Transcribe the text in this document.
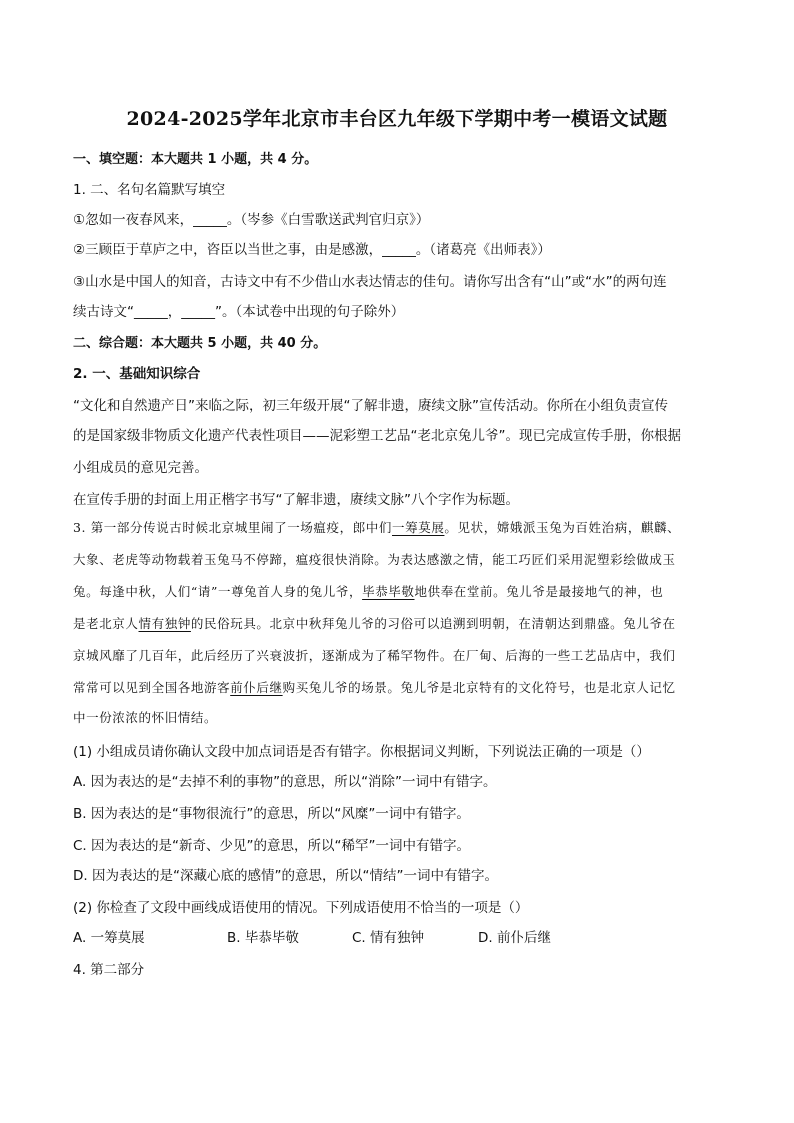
2024-2025学年北京市丰台区九年级下学期中考一模语文试题
一、填空题：本大题共 1 小题，共 4 分。
1. 二、名句名篇默写填空
①忽如一夜春风来，_____。（岑参《白雪歌送武判官归京》）
②三顾臣于草庐之中，咨臣以当世之事，由是感激，_____。（诸葛亮《出师表》）
③山水是中国人的知音，古诗文中有不少借山水表达情志的佳句。请你写出含有“山”或“水”的两句连
续古诗文“_____，_____”。（本试卷中出现的句子除外）
二、综合题：本大题共 5 小题，共 40 分。
2. 一、基础知识综合
“文化和自然遗产日”来临之际，初三年级开展“了解非遗，赓续文脉”宣传活动。你所在小组负责宣传
的是国家级非物质文化遗产代表性项目——泥彩塑工艺品“老北京兔儿爷”。现已完成宣传手册，你根据
小组成员的意见完善。
在宣传手册的封面上用正楷字书写“了解非遗，赓续文脉”八个字作为标题。
3. 第一部分传说古时候北京城里闹了一场瘟疫，郎中们一筹莫展。见状，嫦娥派玉兔为百姓治病，麒麟、
大象、老虎等动物载着玉兔马不停蹄，瘟疫很快消除。为表达感激之情，能工巧匠们采用泥塑彩绘做成玉
兔。每逢中秋，人们“请”一尊兔首人身的兔儿爷，毕恭毕敬地供奉在堂前。兔儿爷是最接地气的神，也
是老北京人情有独钟的民俗玩具。北京中秋拜兔儿爷的习俗可以追溯到明朝，在清朝达到鼎盛。兔儿爷在
京城风靡了几百年，此后经历了兴衰波折，逐渐成为了稀罕物件。在厂甸、后海的一些工艺品店中，我们
常常可以见到全国各地游客前仆后继购买兔儿爷的场景。兔儿爷是北京特有的文化符号，也是北京人记忆
中一份浓浓的怀旧情结。
(1) 小组成员请你确认文段中加点词语是否有错字。你根据词义判断，下列说法正确的一项是（）
A. 因为表达的是“去掉不利的事物”的意思，所以“消除”一词中有错字。
B. 因为表达的是“事物很流行”的意思，所以“风糜”一词中有错字。
C. 因为表达的是“新奇、少见”的意思，所以“稀罕”一词中有错字。
D. 因为表达的是“深藏心底的感情”的意思，所以“情结”一词中有错字。
(2) 你检查了文段中画线成语使用的情况。下列成语使用不恰当的一项是（）
A. 一筹莫展	B. 毕恭毕敬	C. 情有独钟	D. 前仆后继
4. 第二部分
